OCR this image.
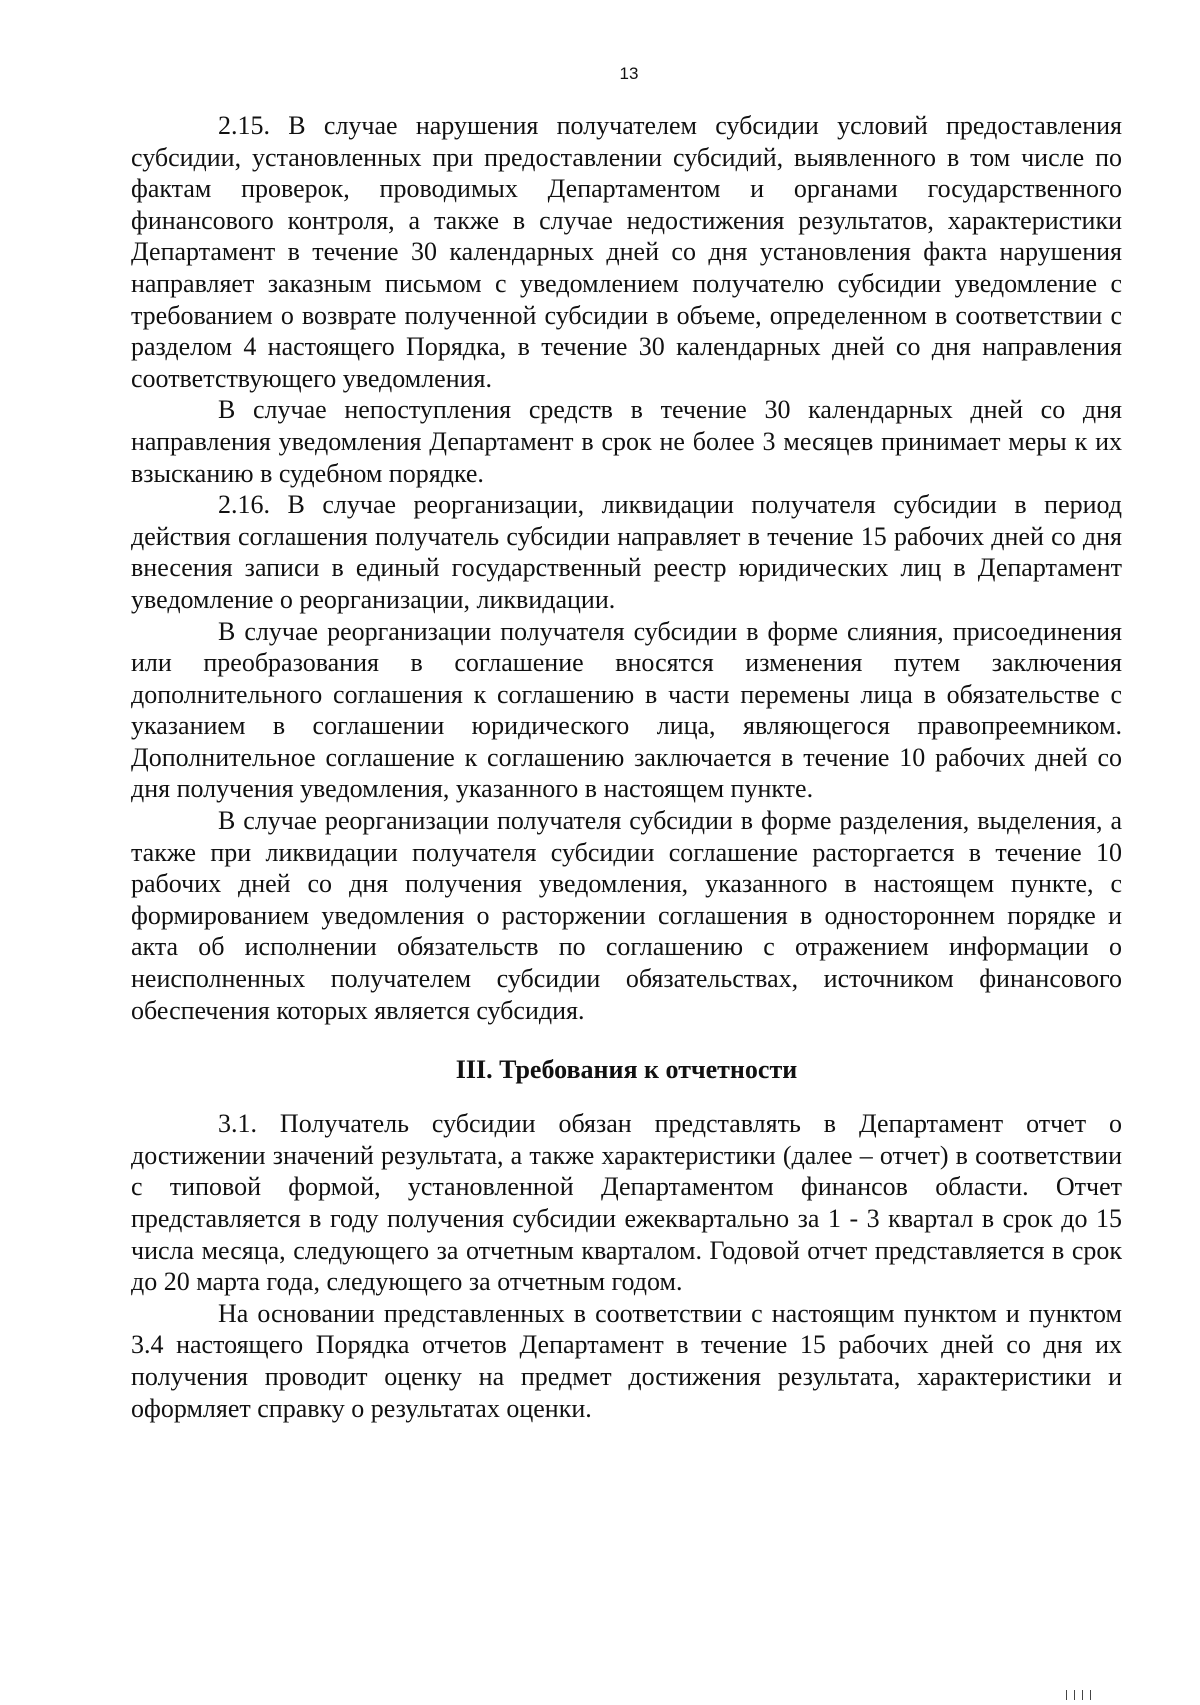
13

2.15. В случае нарушения получателем субсидии условий предоставления субсидии, установленных при предоставлении субсидий, выявленного в том числе по фактам проверок, проводимых Департаментом и органами государственного финансового контроля, а также в случае недостижения результатов, характеристики Департамент в течение 30 календарных дней со дня установления факта нарушения направляет заказным письмом с уведомлением получателю субсидии уведомление с требованием о возврате полученной субсидии в объеме, определенном в соответствии с разделом 4 настоящего Порядка, в течение 30 календарных дней со дня направления соответствующего уведомления.

В случае непоступления средств в течение 30 календарных дней со дня направления уведомления Департамент в срок не более 3 месяцев принимает меры к их взысканию в судебном порядке.

2.16. В случае реорганизации, ликвидации получателя субсидии в период действия соглашения получатель субсидии направляет в течение 15 рабочих дней со дня внесения записи в единый государственный реестр юридических лиц в Департамент уведомление о реорганизации, ликвидации.

В случае реорганизации получателя субсидии в форме слияния, присоединения или преобразования в соглашение вносятся изменения путем заключения дополнительного соглашения к соглашению в части перемены лица в обязательстве с указанием в соглашении юридического лица, являющегося правопреемником. Дополнительное соглашение к соглашению заключается в течение 10 рабочих дней со дня получения уведомления, указанного в настоящем пункте.

В случае реорганизации получателя субсидии в форме разделения, выделения, а также при ликвидации получателя субсидии соглашение расторгается в течение 10 рабочих дней со дня получения уведомления, указанного в настоящем пункте, с формированием уведомления о расторжении соглашения в одностороннем порядке и акта об исполнении обязательств по соглашению с отражением информации о неисполненных получателем субсидии обязательствах, источником финансового обеспечения которых является субсидия.

III. Требования к отчетности

3.1. Получатель субсидии обязан представлять в Департамент отчет о достижении значений результата, а также характеристики (далее – отчет) в соответствии с типовой формой, установленной Департаментом финансов области. Отчет представляется в году получения субсидии ежеквартально за 1 - 3 квартал в срок до 15 числа месяца, следующего за отчетным кварталом. Годовой отчет представляется в срок до 20 марта года, следующего за отчетным годом.

На основании представленных в соответствии с настоящим пунктом и пунктом 3.4 настоящего Порядка отчетов Департамент в течение 15 рабочих дней со дня их получения проводит оценку на предмет достижения результата, характеристики и оформляет справку о результатах оценки.
